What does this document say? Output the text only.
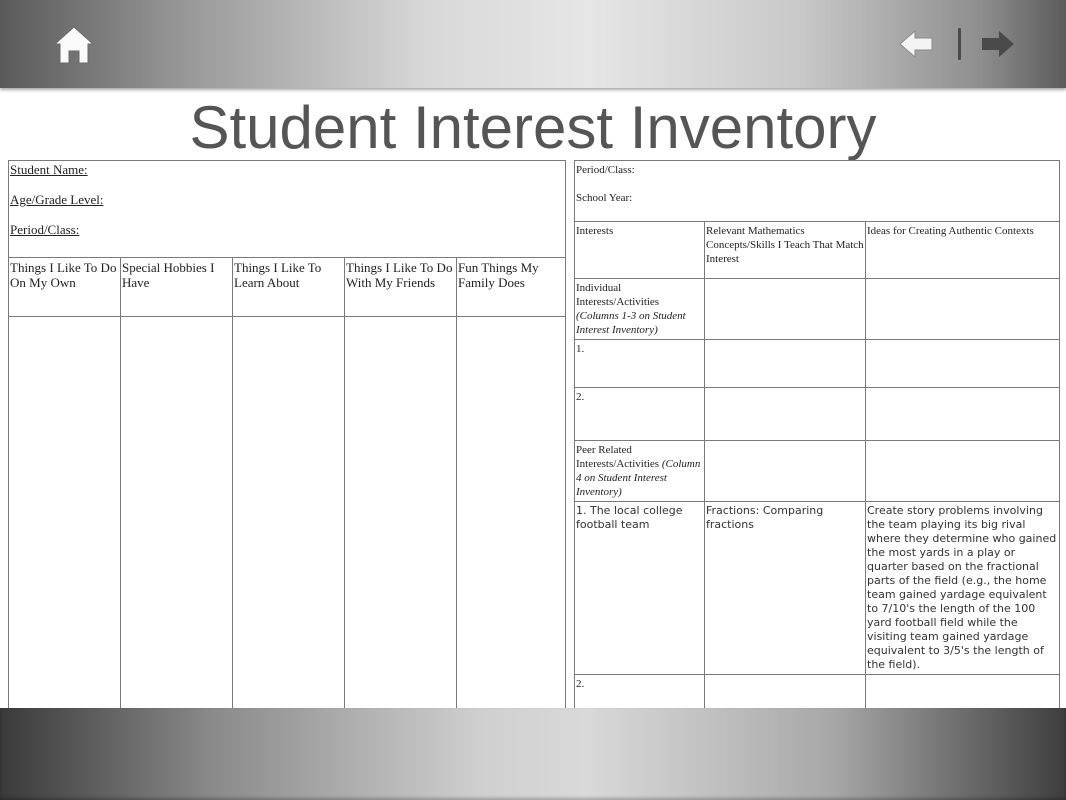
Student Interest Inventory
Student Name:
Age/Grade Level:
Period/Class:				

Things I Like To Do On My Own	Special Hobbies I Have	Things I Like To Learn About	Things I Like To Do With My Friends	Fun Things My Family Does

Period/Class:
School Year:		

Interests	Relevant Mathematics Concepts/Skills I Teach That Match Interest	Ideas for Creating Authentic Contexts
Individual Interests/Activities (Columns 1-3 on Student Interest Inventory)		
1.		
2.		
Peer Related Interests/Activities (Column 4 on Student Interest Inventory)		
1. The local college football team	Fractions: Comparing fractions	Create story problems involving the team playing its big rival where they determine who gained the most yards in a play or quarter based on the fractional parts of the field (e.g., the home team gained yardage equivalent to 7/10's the length of the 100 yard football field while the visiting team gained yardage equivalent to 3/5's the length of the field).
2.		
